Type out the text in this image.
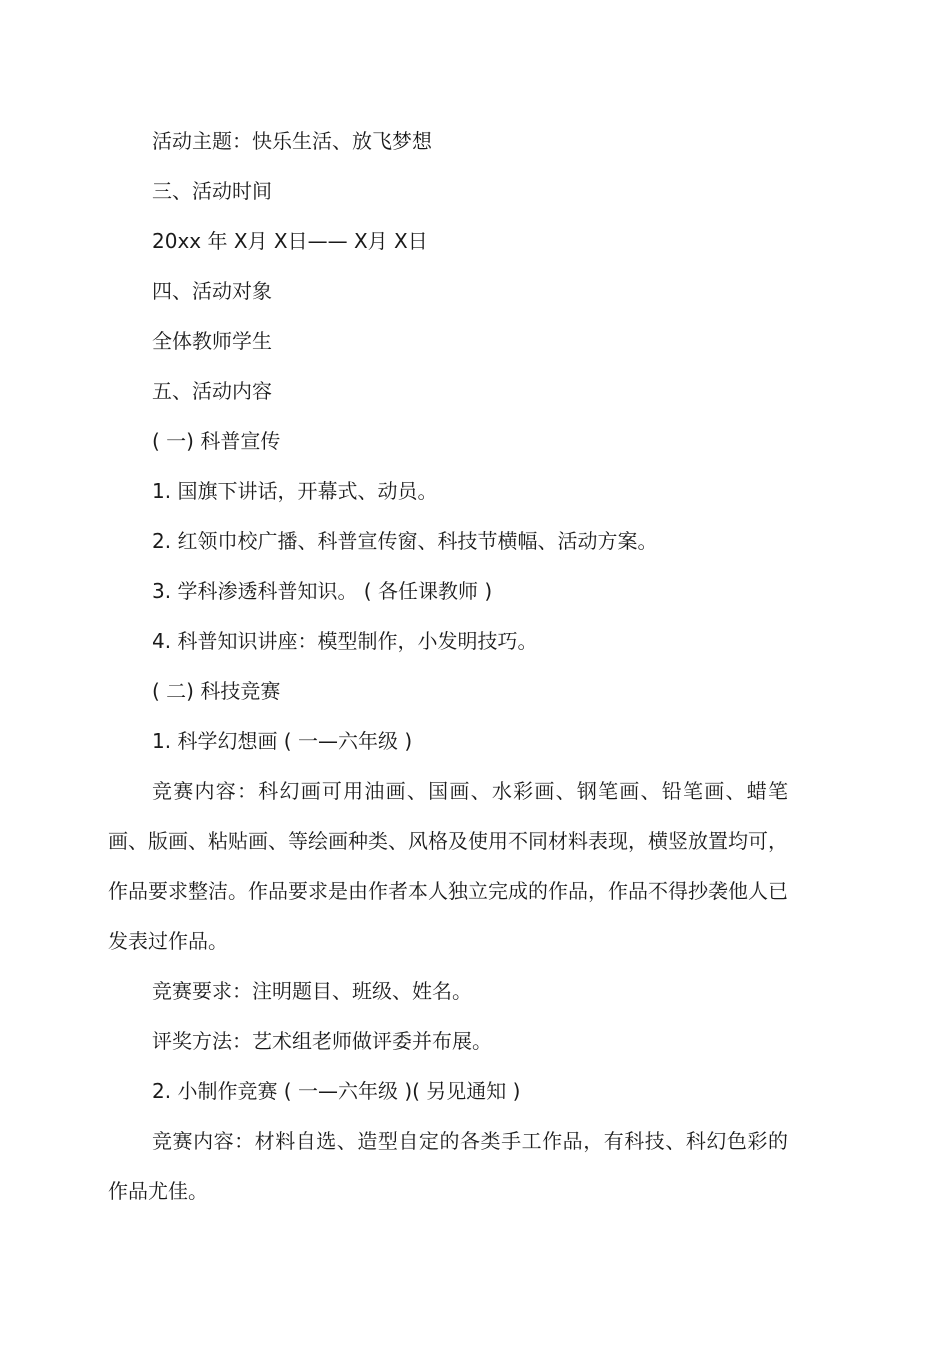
活动主题：快乐生活、放飞梦想
三、活动时间
20xx 年 X月 X日—— X月 X日
四、活动对象
全体教师学生
五、活动内容
( 一) 科普宣传
1. 国旗下讲话，开幕式、动员。
2. 红领巾校广播、科普宣传窗、科技节横幅、活动方案。
3. 学科渗透科普知识。 ( 各任课教师 )
4. 科普知识讲座：模型制作，小发明技巧。
( 二) 科技竞赛
1. 科学幻想画 ( 一—六年级 )

竞赛内容：科幻画可用油画、国画、水彩画、钢笔画、铅笔画、蜡笔画、版画、粘贴画、等绘画种类、风格及使用不同材料表现，横竖放置均可，作品要求整洁。作品要求是由作者本人独立完成的作品，作品不得抄袭他人已发表过作品。

竞赛要求：注明题目、班级、姓名。
评奖方法：艺术组老师做评委并布展。
2. 小制作竞赛 ( 一—六年级 )( 另见通知 )

竞赛内容：材料自选、造型自定的各类手工作品，有科技、科幻色彩的作品尤佳。
